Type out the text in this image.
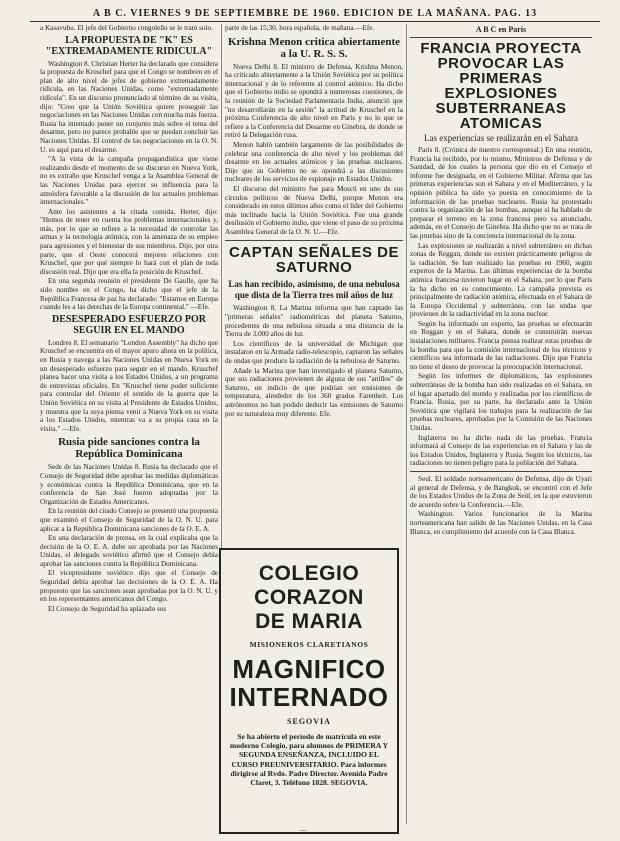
A B C. VIERNES 9 DE SEPTIEMBRE DE 1960. EDICION DE LA MAÑANA. PAG. 13

a Kasavubu. El jefe del Gobierno congoleño se le trató solo.

LA PROPUESTA DE "K" ES "EXTREMADAMENTE RIDICULA"

Washington 8. Christian Herter ha declarado que considera la propuesta de Kruschef para que el Congo se nombren en el plan de alto nivel de jefes de gobierno extremadamente ridícula, en las Naciones Unidas, como "extremadamente ridícula". En un discurso pronunciado al término de su visita, dijo: "Creo que la Unión Soviética quiere proseguir las negociaciones en las Naciones Unidas con mucha más fuerza. Rusia ha intentado poner un conjunto más sobre el tema del desarme, pero no parece probable que se puedan concluir las Naciones Unidas. El control de las negociaciones en la O. N. U. es aquí para el desarme.

"A la vista de la campaña propagandística que viene realizando desde el momento de su discurso en Nueva York, no es extraño que Kruschef venga a la Asamblea General de las Naciones Unidas para ejercer su influencia para la atmósfera favorable a la discusión de los actuales problemas internacionales."

Ante los asistentes a la citada comida, Herter, dijo: "Hemos de tener en cuenta los problemas internacionales y, más, por lo que se refiere a la necesidad de controlar las armas y la tecnología atómica, con la amenaza de su empleo para agresiones y el bienestar de sus miembros. Dijo, por otra parte, que el Oeste conocerá mejores relaciones con Kruschef, que por qué siempre lo hará con el plan de toda discusión real. Dijo que era ella la posición de Kruschef.

En una segunda reunión el presidente De Gaulle, que ha sido nombre en el Congo, ha dicho que el jefe de la República Francesa de paz ha declarado: "Estamos en Europa cuando les a las derechas de la Europa continental." —Efe.

DESESPERADO ESFUERZO POR SEGUIR EN EL MANDO

Londres 8. El semanario "London Assembly" ha dicho que Kruschef se encuentra en el mayor apuro ahora en la política, en Rusia y navega a las Naciones Unidas en Nueva York en un desesperado esfuerzo para seguir en el mando. Kruschef planea hacer una visita a los Estados Unidos, a un programa de entrevistas oficiales. En "Kruschef tiene poder suficiente para controlar del Oriente el sentido de la guerra que la Unión Soviética en su visita al Presidente de Estados Unidos, y muestra que la suya piensa venir a Nueva York en su visita a los Estados Unidos, mientras va a su propia casa en la visita." —Efe.

Rusia pide sanciones contra la República Dominicana

Sede de las Naciones Unidas 8. Rusia ha declarado que el Consejo de Seguridad debe aprobar las medidas diplomáticas y económicas contra la República Dominicana, que en la conferencia de San José fueron adoptadas por la Organización de Estados Americanos.

En la reunión del citado Consejo se presentó una propuesta que examinó el Consejo de Seguridad de la O. N. U. para aplicar a la República Dominicana sanciones de la O. E. A.

En una declaración de prensa, en la cual explicaba que la decisión de la O. E. A. debe ser aprobada por las Naciones Unidas, el delegado soviético afirmó que el Consejo debía aprobar las sanciones contra la República Dominicana.

El vicepresidente soviético dijo que el Consejo de Seguridad debía aprobar las decisiones de la O. E. A. Ha propuesto que las sanciones sean aprobadas por la O. N. U. y en los representantes americanos del Congo.

El Consejo de Seguridad ha aplazado sus

parte de las 15,30, hora española, de mañana.—Efe.

Krishna Menon critica abiertamente a la U. R. S. S.

Nueva Delhi 8. El ministro de Defensa, Krishna Menon, ha criticado abiertamente a la Unión Soviética por su política internacional y de lo referente al control atómico. Ha dicho que el Gobierno indio se opondrá a numerosas cuestiones, de la reunión de la Sociedad Parlamentaria India, anunció que "no desarrollarán en la sesión" la actitud de Kruschef en la próxima Conferencia de alto nivel en París y no lo que se refiere a la Conferencia del Desarme en Ginebra, de donde se retiró la Delegación rusa.

Menon habló también largamente de las posibilidades de celebrar una conferencia de alto nivel y los problemas del desarme en los actuales atómicos y las pruebas nucleares. Dijo que su Gobierno no se opondrá a las discusiones nucleares de los servicios de espionaje en Estados Unidos.

El discurso del ministro fue para Moscú en uno de sus círculos políticos de Nueva Delhi, porque Menon era considerado en estos últimos años como el líder del Gobierno más inclinado hacia la Unión Soviética. Fue una grande desilusión el Gobierno indio, que viene el paso de su próxima Asamblea General de la O. N. U.—Efe.

CAPTAN SEÑALES DE SATURNO
Las han recibido, asimismo, de una nebulosa que dista de la Tierra tres mil años de luz

Washington 8. La Marina informa que han captado las "primeras señales" radiométricas del planeta Saturno, procedentes de una nebulosa situada a una distancia de la Tierra de 3.000 años de luz.

Los científicos de la universidad de Michigan que instalaron en la Armada radio-telescopio, captaron las señales de ondas que produce la radiación de la nebulosa de Saturno.

Añade la Marina que han investigado el planeta Saturno, que sus radiaciones provienen de alguna de sus "anillos" de Saturno, un indicio de que podrían ser emisiones de temperatura, alrededor de los 360 grados Farenheit. Los astrónomos no han podido deducir las emisiones de Saturno por su naturaleza muy diferente. Efe.

COLEGIO CORAZON
DE MARIA
MISIONEROS CLARETIANOS
MAGNIFICO
INTERNADO
SEGOVIA
Se ha abierto el período de matrícula en este moderno Colegio, para alumnos de PRIMERA Y SEGUNDA ENSEÑANZA, INCLUIDO EL CURSO PREUNIVERSITARIO. Para informes dirigirse al Rvdo. Padre Director. Avenida Padre Claret, 3. Teléfono 1828. SEGOVIA.
A B C en París
FRANCIA PROYECTA PROVOCAR LAS PRIMERAS EXPLOSIONES SUBTERRANEAS ATOMICAS
Las experiencias se realizarán en el Sahara

París 8. (Crónica de nuestro corresponsal.) En una reunión, Francia ha recibido, por lo mismo, Ministros de Defensa y de Sanidad, de los cuales la persona que dio en el Consejo el informe fue designada, en el Gobierno Militar. Afirma que las primeras experiencias son el Sahara y en el Mediterráneo, y la opinión pública ha sido ya puesta en conocimiento de la información de las pruebas nucleares. Rusia ha protestado contra la organización de las bombas, aunque sí ha hablado de preparar el terreno en la zona francesa pero va anunciado, además, en el Consejo de Ginebra. Ha dicho que no se trata de las pruebas sino de la conciencia internacional de la zona.

Las explosiones se realizarán a nivel subterráneo en dichas zonas de Reggan, donde no existen prácticamente peligros de la radiación. Se han realizado las pruebas en 1960, según expertos de la Marina. Las últimas experiencias de la bomba atómica francesa tuvieron lugar en el Sahara, por lo que París la ha dicho en su conocimiento. La campaña prevista es principalmente de radiación atómica, efectuada en el Sahara de la Europa Occidental y subterránea, con las ondas que provienen de la radiactividad en la zona nuclear.

Según ha informado un experto, las pruebas se efectuarán en Reggan y en el Sahara, donde se construirán nuevas instalaciones militares. Francia piensa realizar estas pruebas de la bomba para que la comisión internacional de los técnicos y científicos sea informada de las radiaciones. Dijo que Francia no tiene el deseo de provocar la preocupación internacional.

Según los informes de diplomáticos, las explosiones subterráneas de la bomba han sido realizadas en el Sahara, en el lugar apartado del mundo y realizadas por los científicos de Francia. Rusia, por su parte, ha declarado ante la Unión Soviética que vigilará los trabajos para la realización de las pruebas nucleares, aprobadas por la Comisión de las Naciones Unidas.

Inglaterra no ha dicho nada de las pruebas. Francia informará al Consejo de las experiencias en el Sahara y las de los Estados Unidos, Inglaterra y Rusia. Según los técnicos, las radiaciones no tienen peligro para la población del Sahara.

Seul. El soldado norteamericano de Defensa, dijo de Uyari al general de Defensa, y de Bangkok, se encontró con el Jefe de los Estados Unidos de la Zona de Seúl, en la que estuvieron de acuerdo sobre la Conferencia.—Efe.

Washington. Varios funcionarios de la Marina norteamericana han salido de las Naciones Unidas, en la Casa Blanca, en cumplimiento del acuerdo con la Casa Blanca.

—
